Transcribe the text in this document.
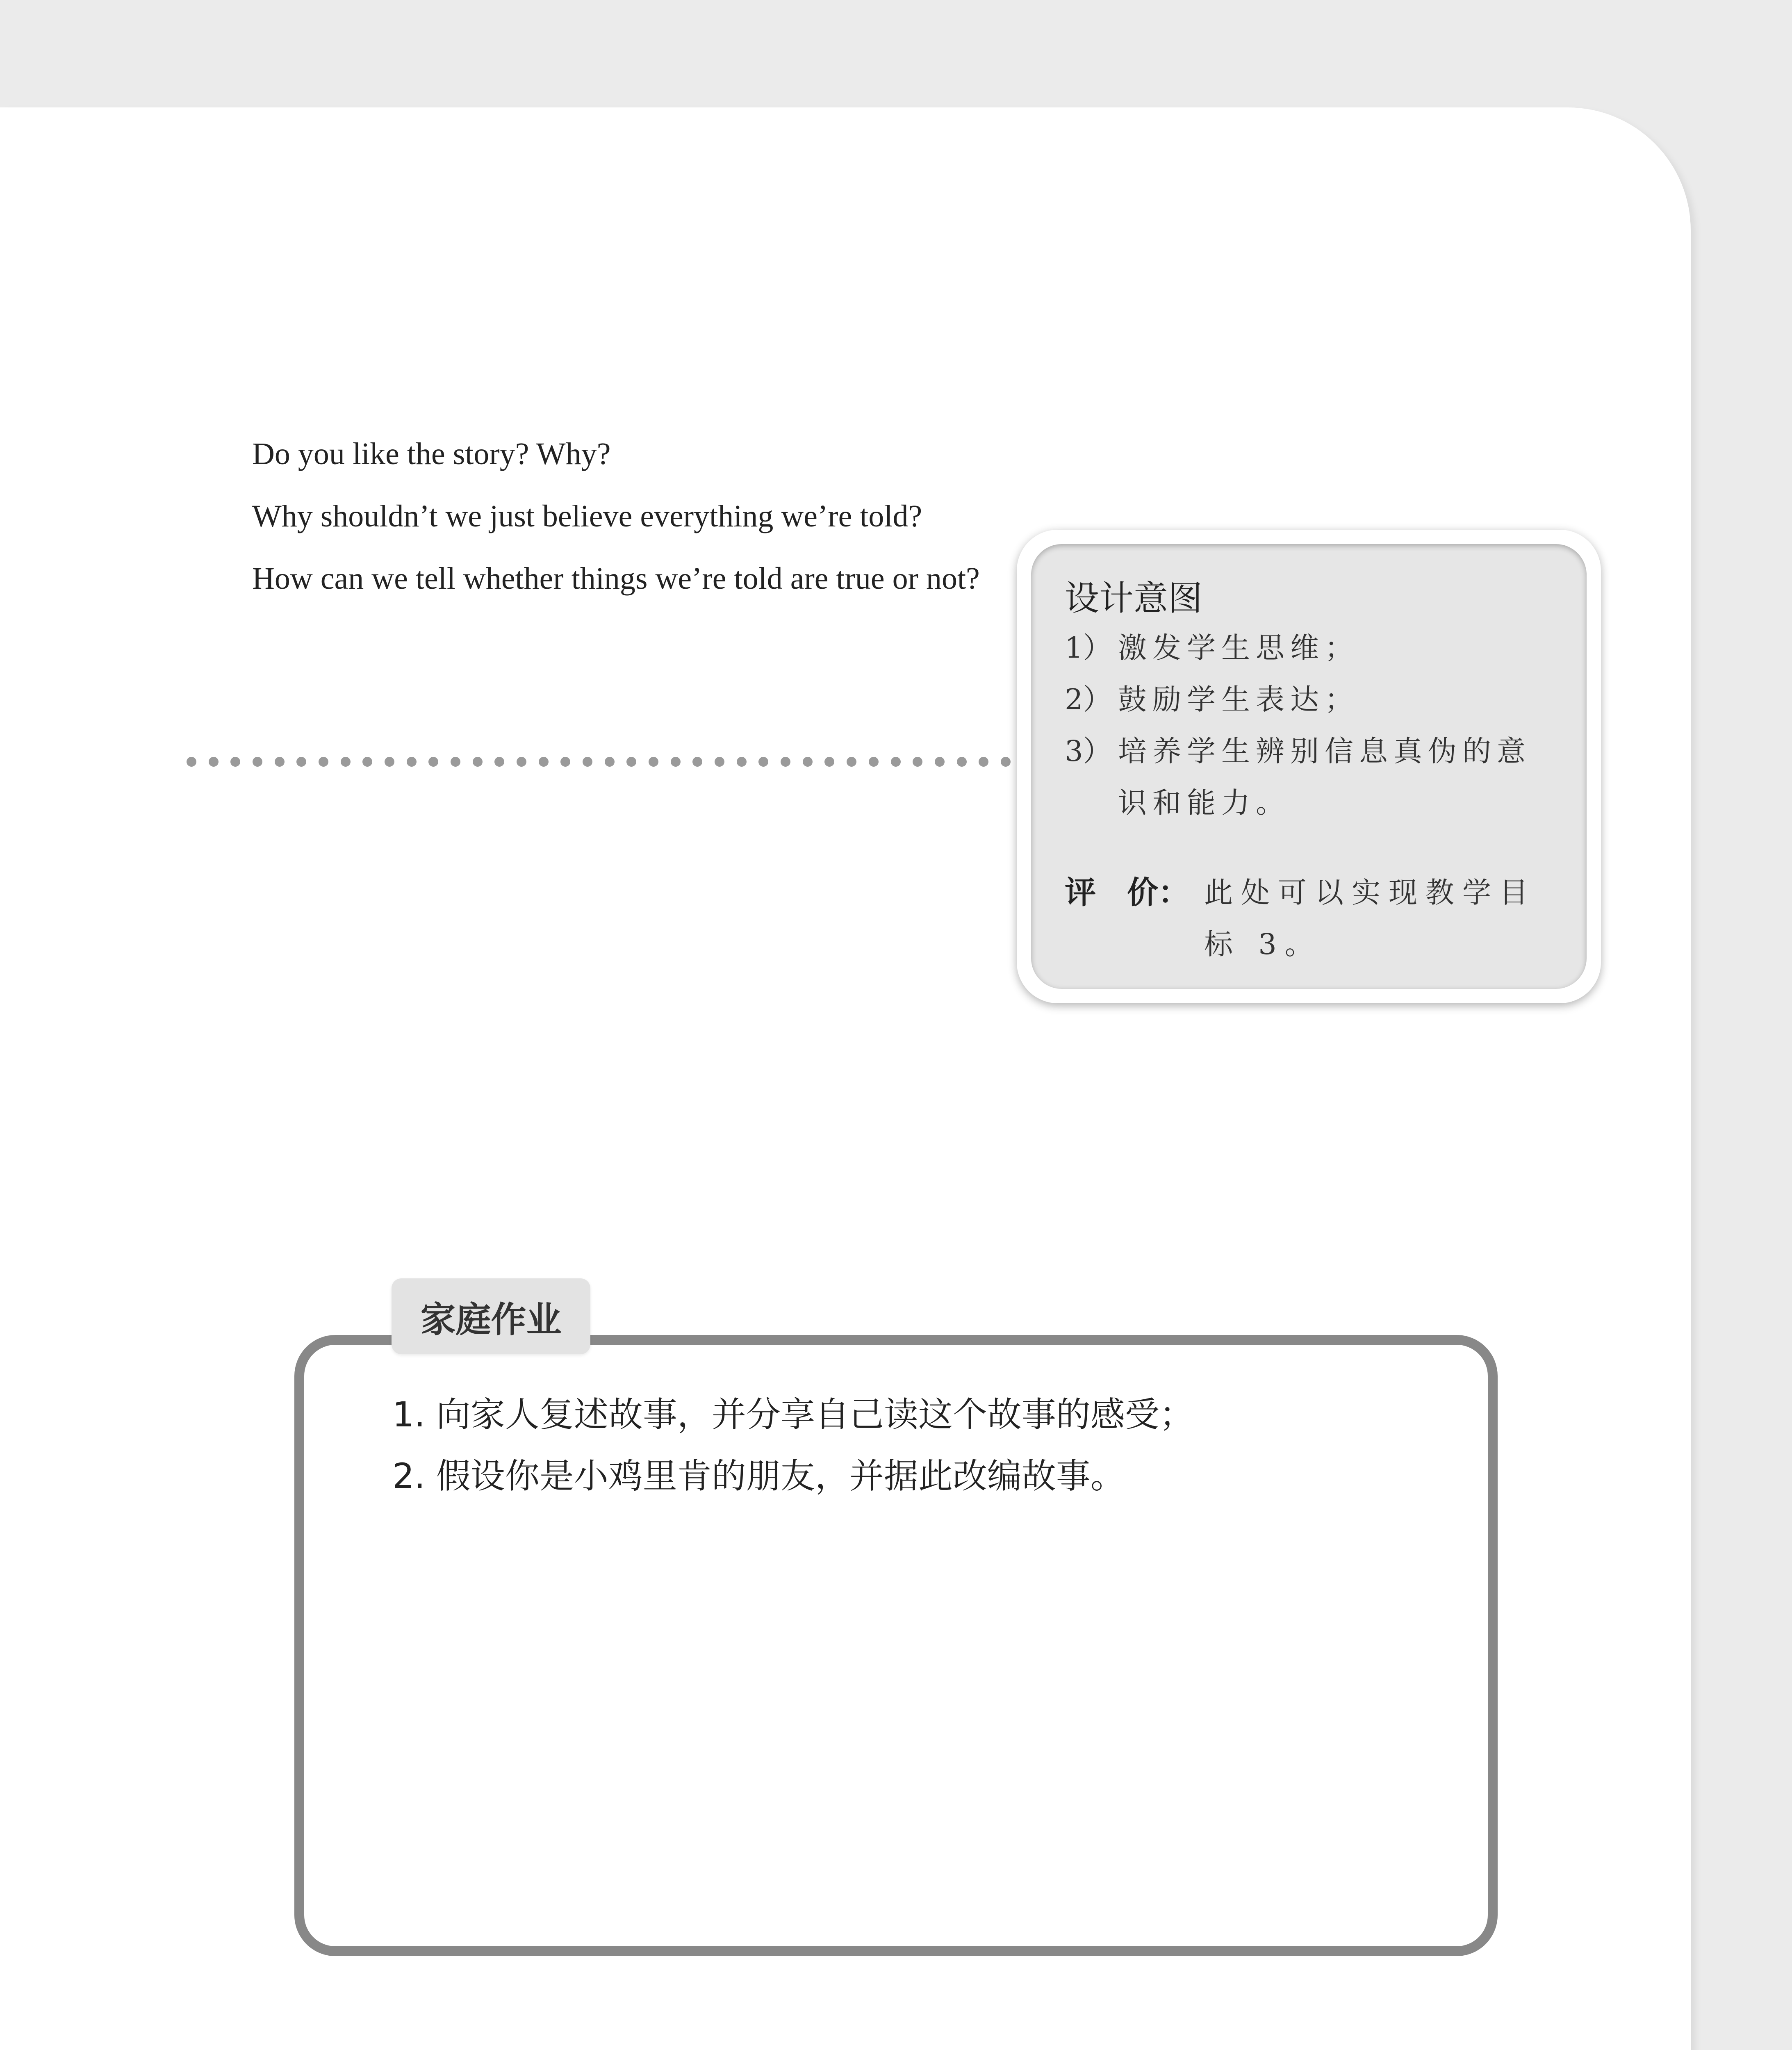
Do you like the story? Why?
Why shouldn’t we just believe everything we’re told?
How can we tell whether things we’re told are true or not? 设计意图
1） 激发学生思维；
2） 鼓励学生表达；
3） 培养学生辨别信息真伪的意识和能力。
评　价： 此处可以实现教学目标 3。
家庭作业
1. 向家人复述故事，并分享自己读这个故事的感受；
2. 假设你是小鸡里肯的朋友，并据此改编故事。
